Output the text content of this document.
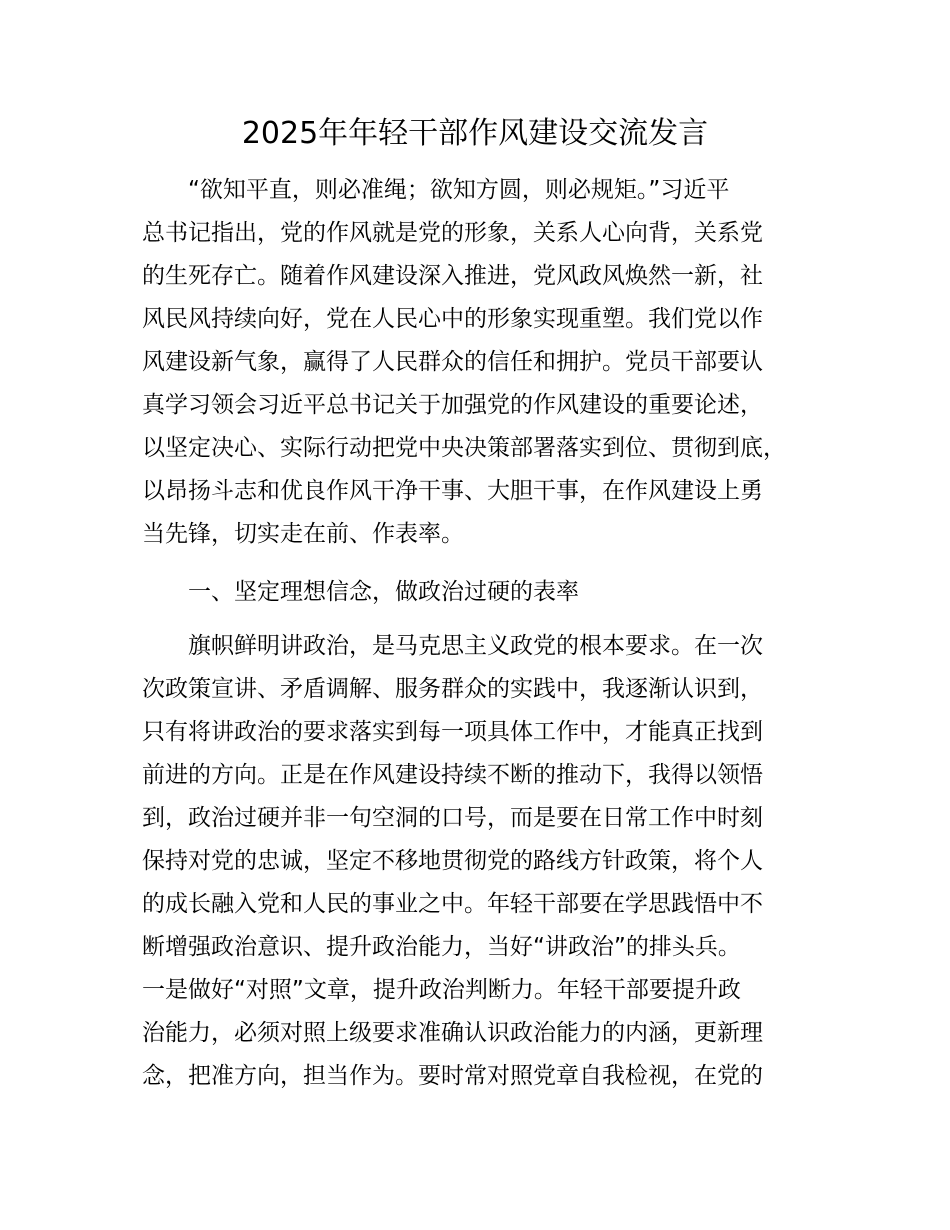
2025年年轻干部作风建设交流发言
“欲知平直，则必准绳；欲知方圆，则必规矩。”习近平
总书记指出，党的作风就是党的形象，关系人心向背，关系党
的生死存亡。随着作风建设深入推进，党风政风焕然一新，社
风民风持续向好，党在人民心中的形象实现重塑。我们党以作
风建设新气象，赢得了人民群众的信任和拥护。党员干部要认
真学习领会习近平总书记关于加强党的作风建设的重要论述，
以坚定决心、实际行动把党中央决策部署落实到位、贯彻到底，
以昂扬斗志和优良作风干净干事、大胆干事，在作风建设上勇
当先锋，切实走在前、作表率。
一、坚定理想信念，做政治过硬的表率
旗帜鲜明讲政治，是马克思主义政党的根本要求。在一次
次政策宣讲、矛盾调解、服务群众的实践中，我逐渐认识到，
只有将讲政治的要求落实到每一项具体工作中，才能真正找到
前进的方向。正是在作风建设持续不断的推动下，我得以领悟
到，政治过硬并非一句空洞的口号，而是要在日常工作中时刻
保持对党的忠诚，坚定不移地贯彻党的路线方针政策，将个人
的成长融入党和人民的事业之中。年轻干部要在学思践悟中不
断增强政治意识、提升政治能力，当好“讲政治”的排头兵。
一是做好“对照”文章，提升政治判断力。年轻干部要提升政
治能力，必须对照上级要求准确认识政治能力的内涵，更新理
念，把准方向，担当作为。要时常对照党章自我检视，在党的
